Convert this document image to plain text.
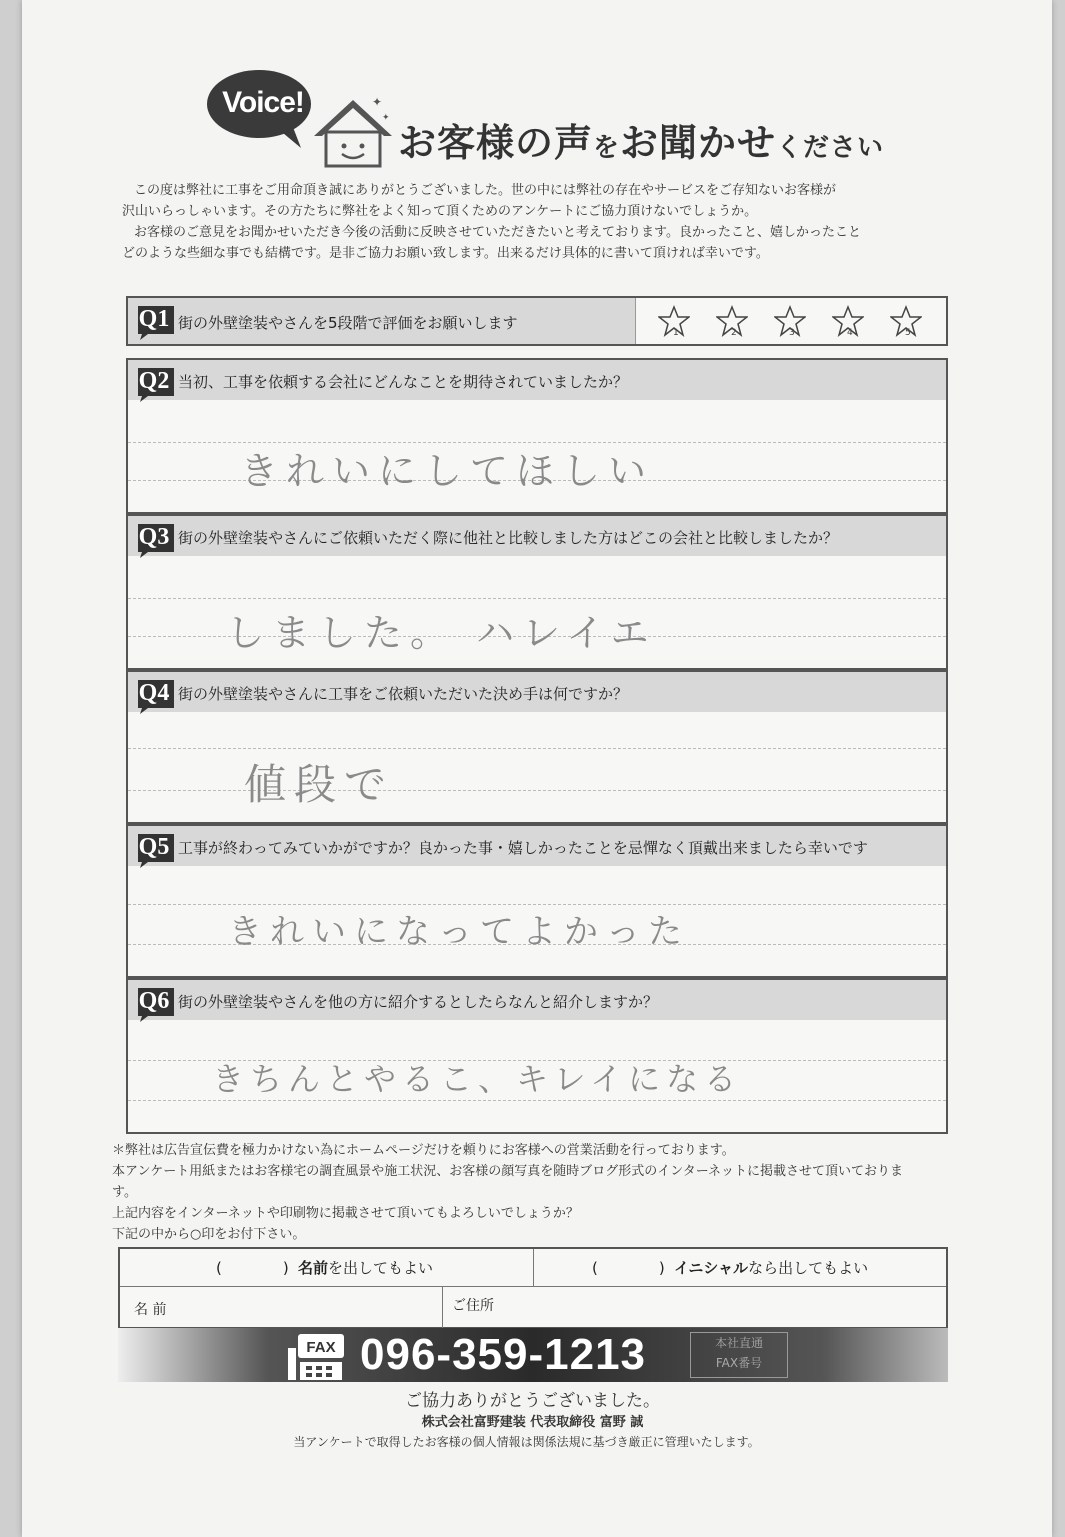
Voice!	✦
✦
お客様の声をお聞かせください

この度は弊社に工事をご用命頂き誠にありがとうございました。世の中には弊社の存在やサービスをご存知ないお客様が

沢山いらっしゃいます。その方たちに弊社をよく知って頂くためのアンケートにご協力頂けないでしょうか。

お客様のご意見をお聞かせいただき今後の活動に反映させていただきたいと考えております。良かったこと、嬉しかったこと

どのような些細な事でも結構です。是非ご協力お願い致します。出来るだけ具体的に書いて頂ければ幸いです。

Q1 街の外壁塗装やさんを5段階で評価をお願いします
1	2	3	4	5
Q2 当初、工事を依頼する会社にどんなことを期待されていましたか？
きれいにしてほしい
Q3 街の外壁塗装やさんにご依頼いただく際に他社と比較しました方はどこの会社と比較しましたか？
しました。 ハレイエ
Q4 街の外壁塗装やさんに工事をご依頼いただいた決め手は何ですか？
値段で
Q5 工事が終わってみていかがですか？良かった事・嬉しかったことを忌憚なく頂戴出来ましたら幸いです
きれいになってよかった
Q6 街の外壁塗装やさんを他の方に紹介するとしたらなんと紹介しますか？
きちんとやるこ、キレイになる

＊弊社は広告宣伝費を極力かけない為にホームページだけを頼りにお客様への営業活動を行っております。

本アンケート用紙またはお客様宅の調査風景や施工状況、お客様の顔写真を随時ブログ形式のインターネットに掲載させて頂いておりま

す。

上記内容をインターネットや印刷物に掲載させて頂いてもよろしいでしょうか？

下記の中から○印をお付下さい。

(　　　) 名前を出してもよい	(　　　) イニシャルなら出してもよい
名 前	ご住所
FAX 096-359-1213	本社直通
FAX番号
ご協力ありがとうございました。
株式会社富野建装 代表取締役 富野 誠
当アンケートで取得したお客様の個人情報は関係法規に基づき厳正に管理いたします。
